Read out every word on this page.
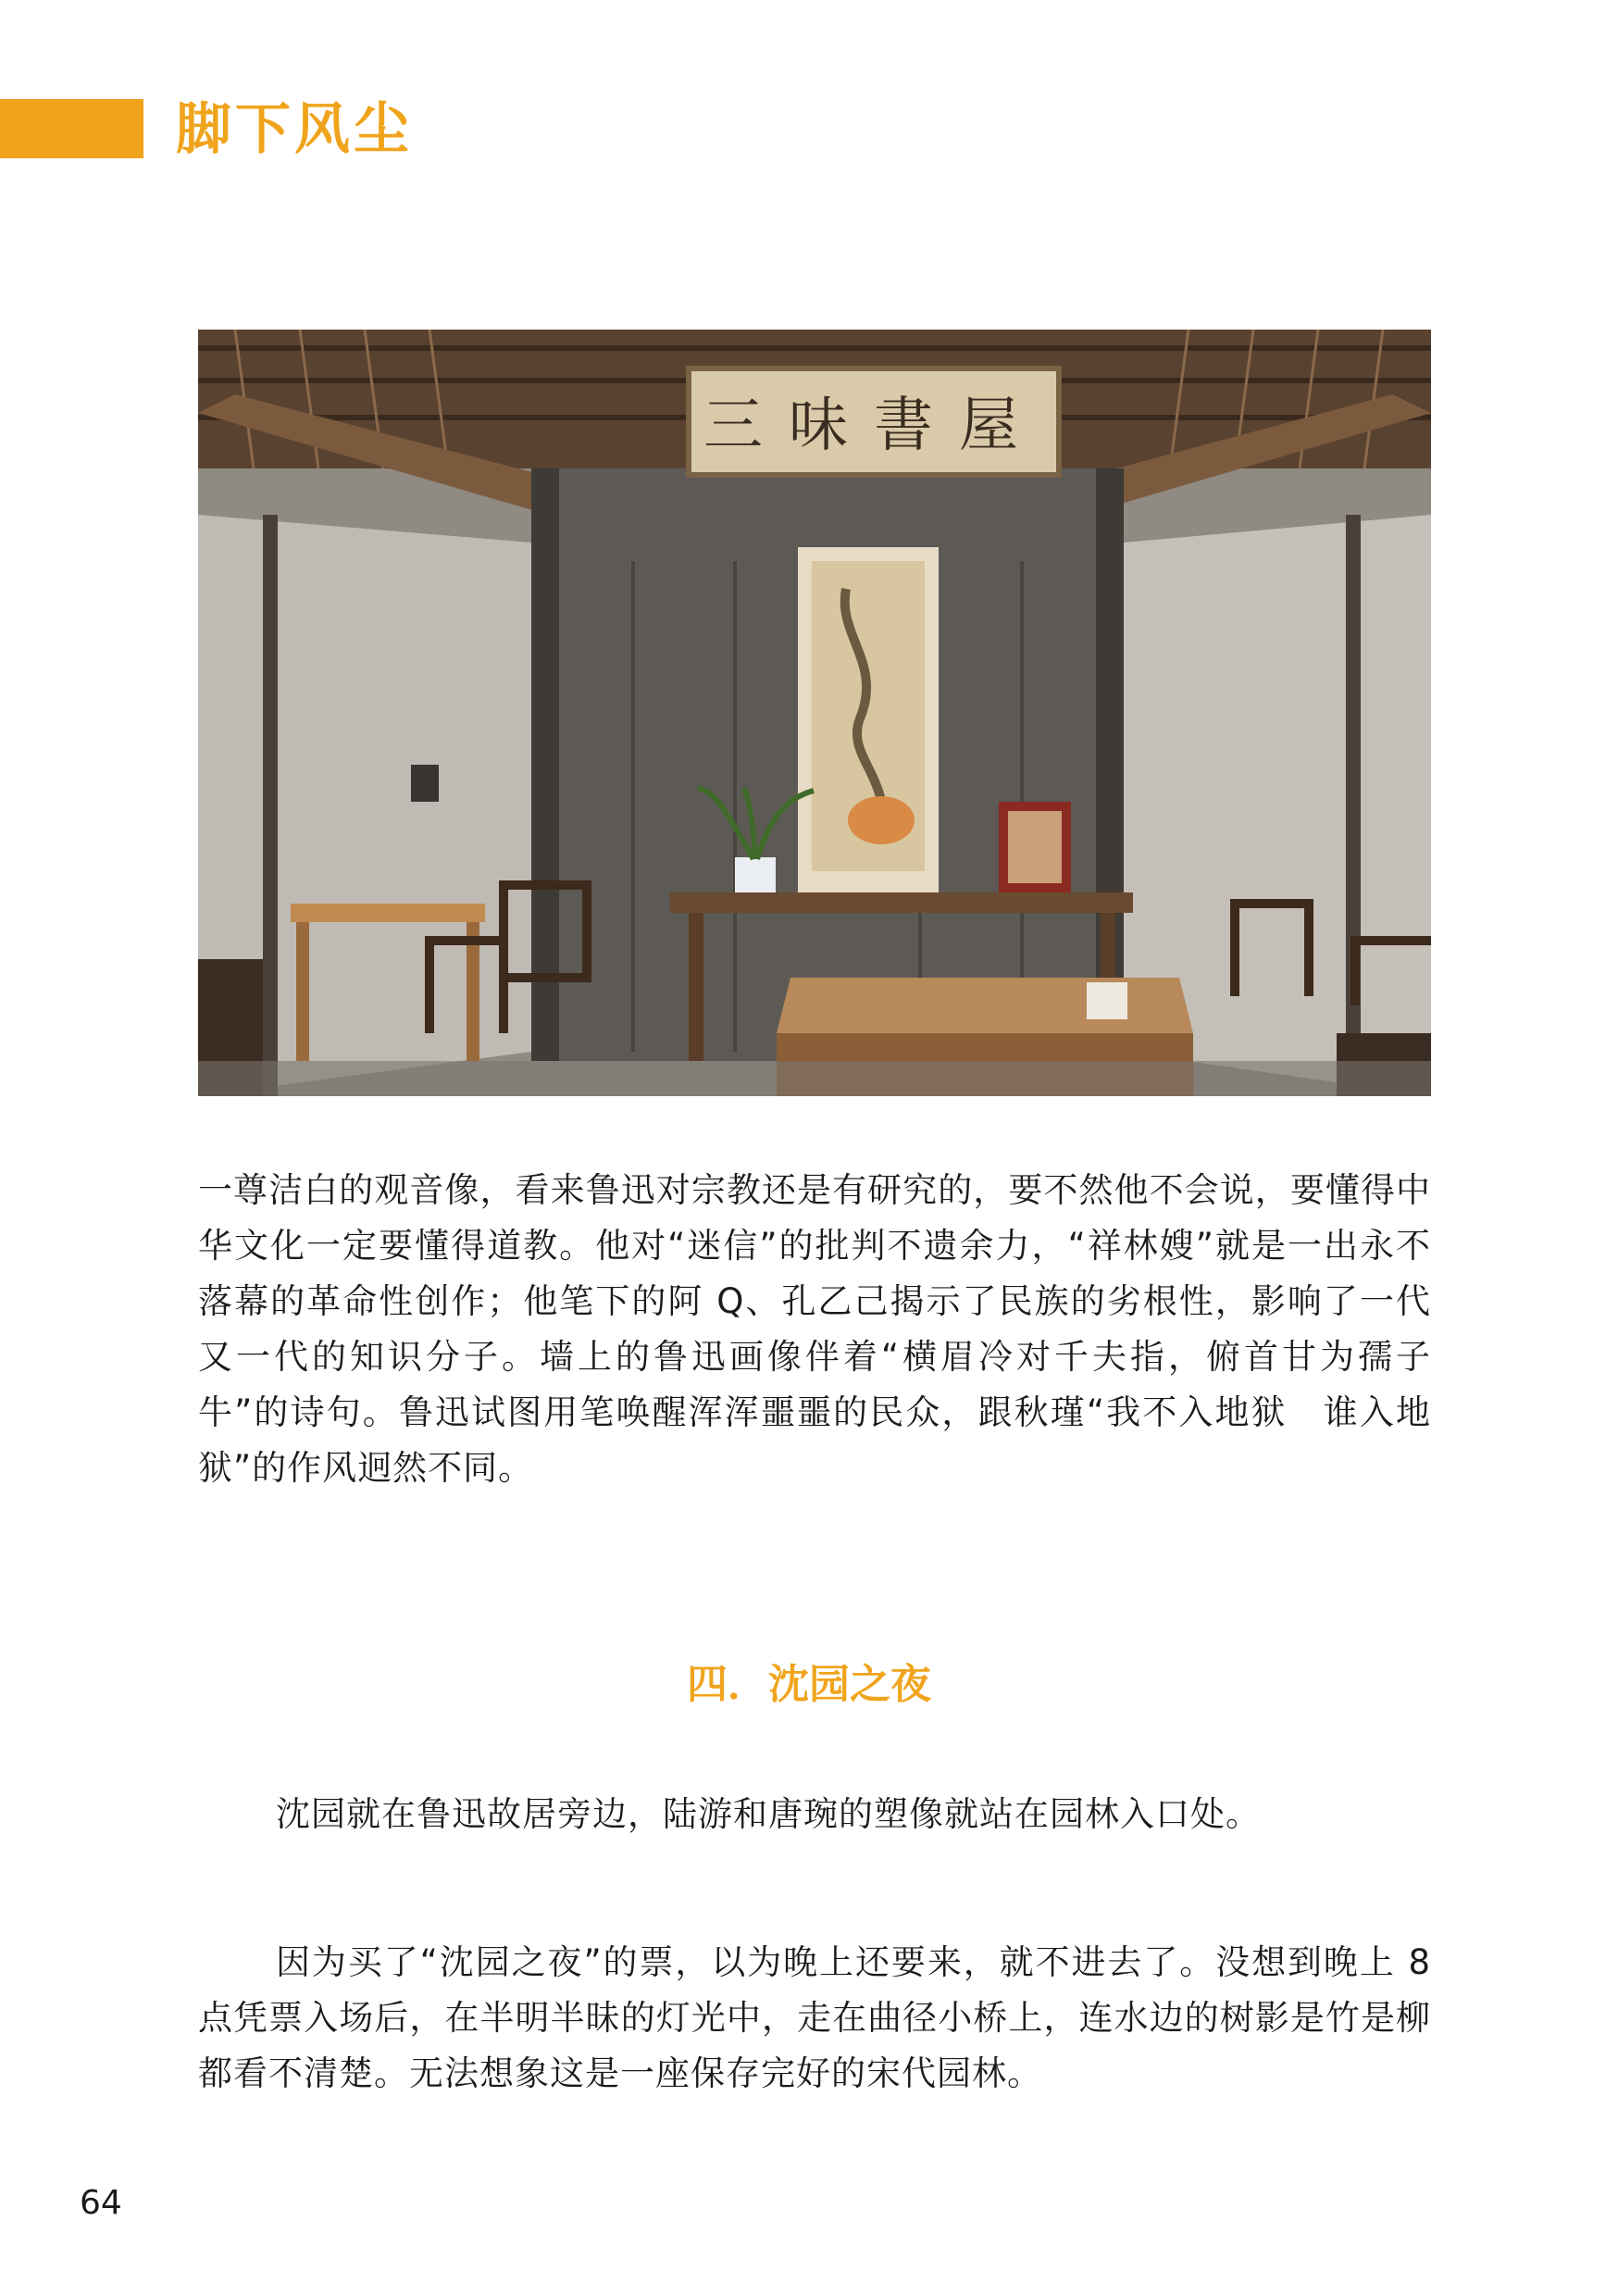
脚下风尘
三味書屋

一尊洁白的观音像，看来鲁迅对宗教还是有研究的，要不然他不会说，要懂得中华文化一定要懂得道教。他对“迷信”的批判不遗余力，“祥林嫂”就是一出永不落幕的革命性创作；他笔下的阿 Q、孔乙己揭示了民族的劣根性，影响了一代又一代的知识分子。墙上的鲁迅画像伴着“横眉冷对千夫指，俯首甘为孺子牛”的诗句。鲁迅试图用笔唤醒浑浑噩噩的民众，跟秋瑾“我不入地狱　谁入地狱”的作风迥然不同。

四．沈园之夜

沈园就在鲁迅故居旁边，陆游和唐琬的塑像就站在园林入口处。

因为买了“沈园之夜”的票，以为晚上还要来，就不进去了。没想到晚上 8 点凭票入场后，在半明半昧的灯光中，走在曲径小桥上，连水边的树影是竹是柳都看不清楚。无法想象这是一座保存完好的宋代园林。

64
